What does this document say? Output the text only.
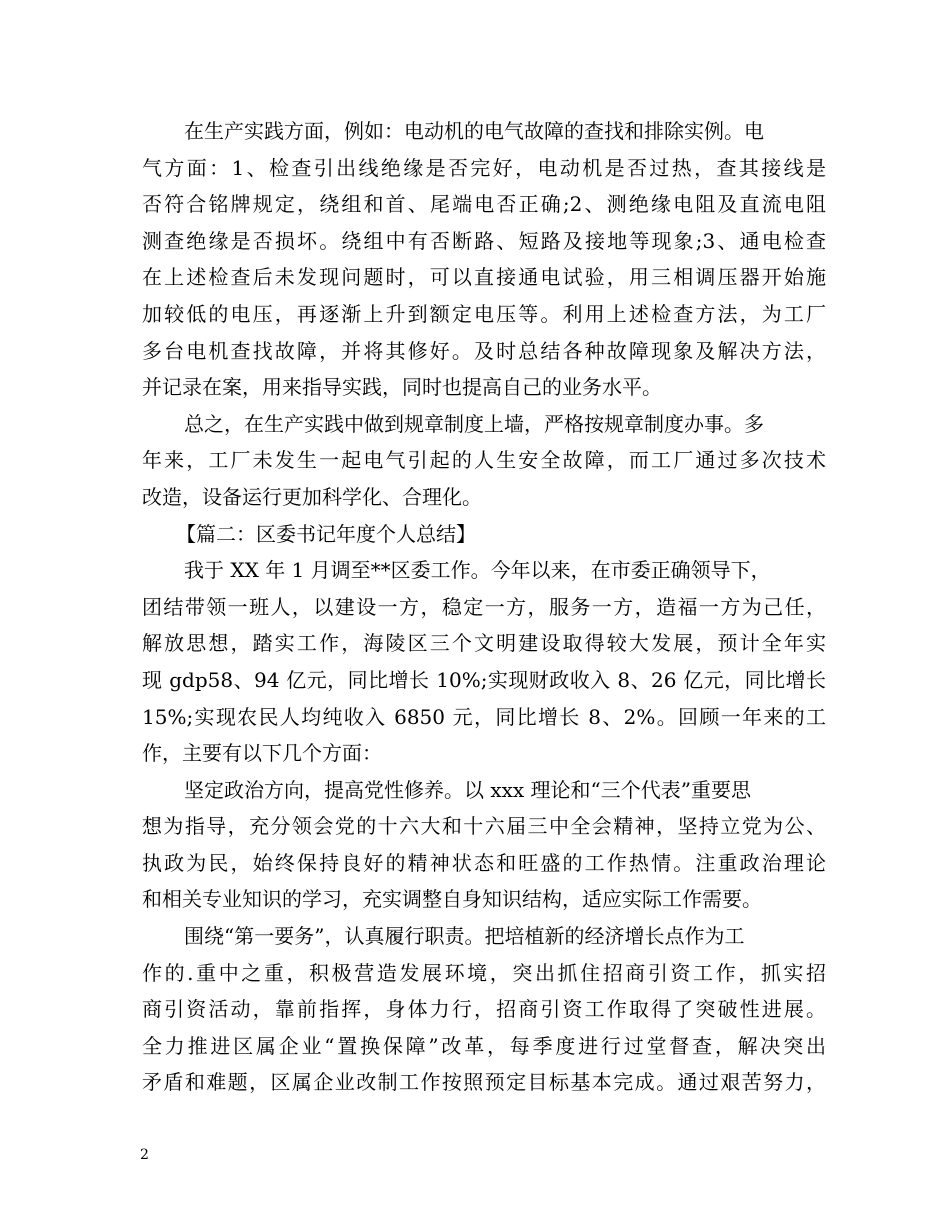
在生产实践方面，例如：电动机的电气故障的查找和排除实例。电
气方面：1、检查引出线绝缘是否完好，电动机是否过热，查其接线是
否符合铭牌规定，绕组和首、尾端电否正确;2、测绝缘电阻及直流电阻
测查绝缘是否损坏。绕组中有否断路、短路及接地等现象;3、通电检查
在上述检查后未发现问题时，可以直接通电试验，用三相调压器开始施
加较低的电压，再逐渐上升到额定电压等。利用上述检查方法，为工厂
多台电机查找故障，并将其修好。及时总结各种故障现象及解决方法，
并记录在案，用来指导实践，同时也提高自己的业务水平。
总之，在生产实践中做到规章制度上墙，严格按规章制度办事。多
年来，工厂未发生一起电气引起的人生安全故障，而工厂通过多次技术
改造，设备运行更加科学化、合理化。
【篇二：区委书记年度个人总结】
我于 XX 年 1 月调至**区委工作。今年以来，在市委正确领导下，
团结带领一班人，以建设一方，稳定一方，服务一方，造福一方为己任，
解放思想，踏实工作，海陵区三个文明建设取得较大发展，预计全年实
现 gdp58、94 亿元，同比增长 10%;实现财政收入 8、26 亿元，同比增长
15%;实现农民人均纯收入 6850 元，同比增长 8、2%。回顾一年来的工
作，主要有以下几个方面：
坚定政治方向，提高党性修养。以 xxx 理论和“三个代表”重要思
想为指导，充分领会党的十六大和十六届三中全会精神，坚持立党为公、
执政为民，始终保持良好的精神状态和旺盛的工作热情。注重政治理论
和相关专业知识的学习，充实调整自身知识结构，适应实际工作需要。
围绕“第一要务”，认真履行职责。把培植新的经济增长点作为工
作的.重中之重，积极营造发展环境，突出抓住招商引资工作，抓实招
商引资活动，靠前指挥，身体力行，招商引资工作取得了突破性进展。
全力推进区属企业“置换保障”改革，每季度进行过堂督查，解决突出
矛盾和难题，区属企业改制工作按照预定目标基本完成。通过艰苦努力，
2
